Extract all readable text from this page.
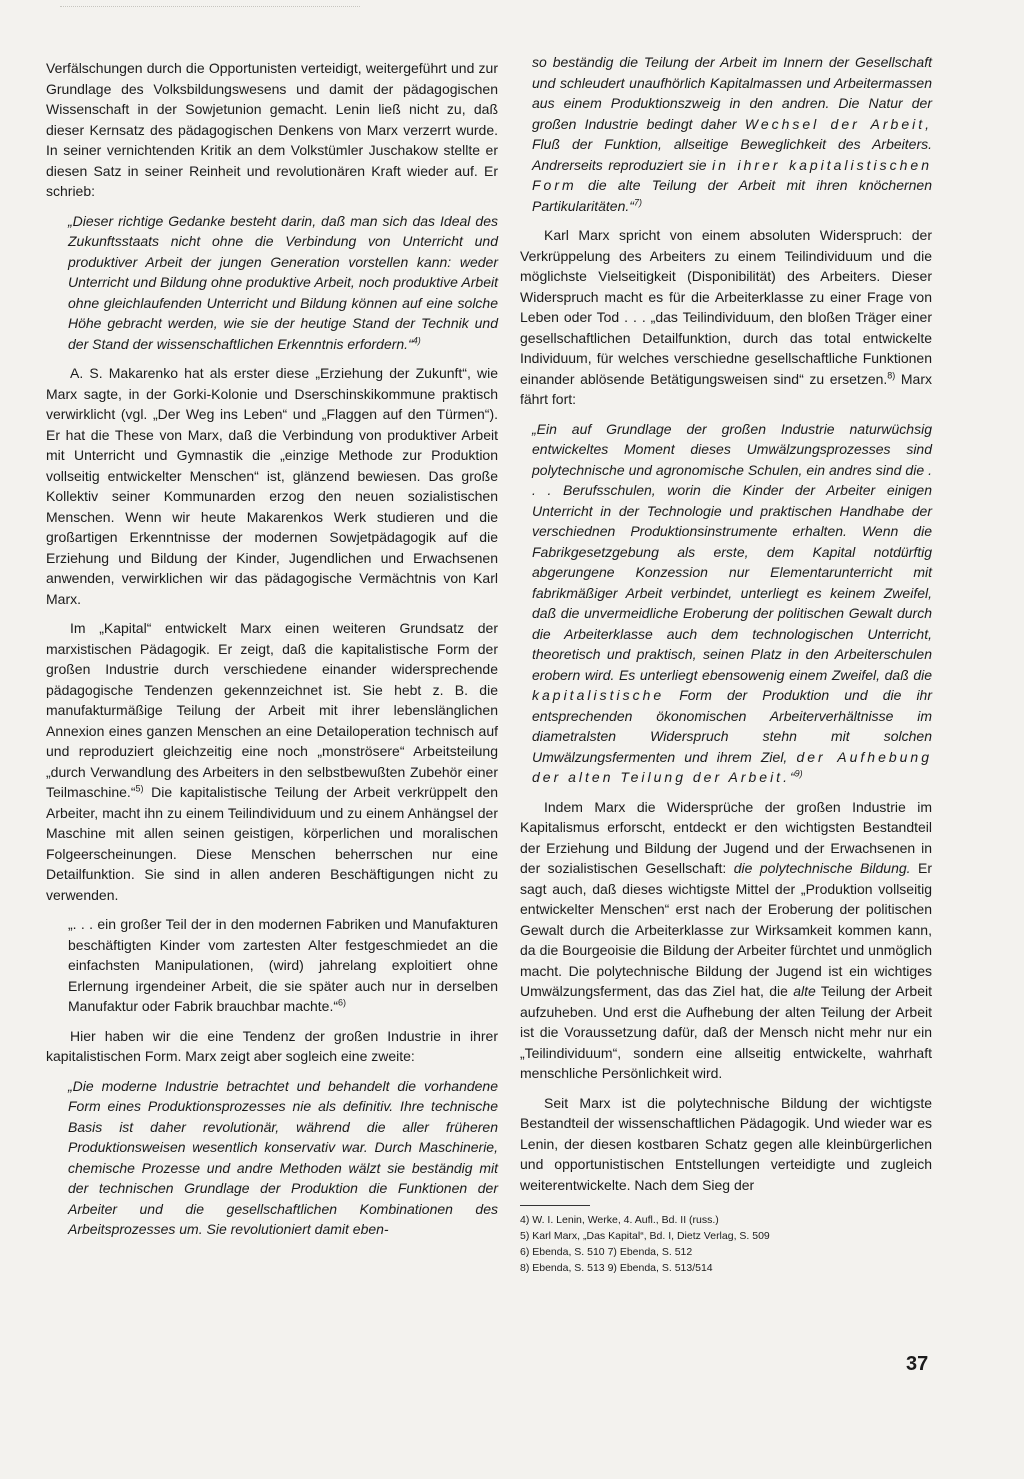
Verfälschungen durch die Opportunisten verteidigt, weitergeführt und zur Grundlage des Volksbildungswesens und damit der pädagogischen Wissenschaft in der Sowjetunion gemacht. Lenin ließ nicht zu, daß dieser Kernsatz des pädagogischen Denkens von Marx verzerrt wurde. In seiner vernichtenden Kritik an dem Volkstümler Juschakow stellte er diesen Satz in seiner Reinheit und revolutionären Kraft wieder auf. Er schrieb:

„Dieser richtige Gedanke besteht darin, daß man sich das Ideal des Zukunftsstaats nicht ohne die Verbindung von Unterricht und produktiver Arbeit der jungen Generation vorstellen kann: weder Unterricht und Bildung ohne produktive Arbeit, noch produktive Arbeit ohne gleichlaufenden Unterricht und Bildung können auf eine solche Höhe gebracht werden, wie sie der heutige Stand der Technik und der Stand der wissenschaftlichen Erkenntnis erfordern.“$^{4)}$

A. S. Makarenko hat als erster diese „Erziehung der Zukunft“, wie Marx sagte, in der Gorki-Kolonie und Dserschinskikommune praktisch verwirklicht (vgl. „Der Weg ins Leben“ und „Flaggen auf den Türmen“). Er hat die These von Marx, daß die Verbindung von produktiver Arbeit mit Unterricht und Gymnastik die „einzige Methode zur Produktion vollseitig entwickelter Menschen“ ist, glänzend bewiesen. Das große Kollektiv seiner Kommunarden erzog den neuen sozialistischen Menschen. Wenn wir heute Makarenkos Werk studieren und die großartigen Erkenntnisse der modernen Sowjetpädagogik auf die Erziehung und Bildung der Kinder, Jugendlichen und Erwachsenen anwenden, verwirklichen wir das pädagogische Vermächtnis von Karl Marx.

Im „Kapital“ entwickelt Marx einen weiteren Grundsatz der marxistischen Pädagogik. Er zeigt, daß die kapitalistische Form der großen Industrie durch verschiedene einander widersprechende pädagogische Tendenzen gekennzeichnet ist. Sie hebt z. B. die manufakturmäßige Teilung der Arbeit mit ihrer lebenslänglichen Annexion eines ganzen Menschen an eine Detailoperation technisch auf und reproduziert gleichzeitig eine noch „monströsere“ Arbeitsteilung „durch Verwandlung des Arbeiters in den selbstbewußten Zubehör einer Teilmaschine.“$^{5)}$ Die kapitalistische Teilung der Arbeit verkrüppelt den Arbeiter, macht ihn zu einem Teilindividuum und zu einem Anhängsel der Maschine mit allen seinen geistigen, körperlichen und moralischen Folgeerscheinungen. Diese Menschen beherrschen nur eine Detailfunktion. Sie sind in allen anderen Beschäftigungen nicht zu verwenden.

„. . . ein großer Teil der in den modernen Fabriken und Manufakturen beschäftigten Kinder vom zartesten Alter festgeschmiedet an die einfachsten Manipulationen, (wird) jahrelang exploitiert ohne Erlernung irgendeiner Arbeit, die sie später auch nur in derselben Manufaktur oder Fabrik brauchbar machte.“$^{6)}$

Hier haben wir die eine Tendenz der großen Industrie in ihrer kapitalistischen Form. Marx zeigt aber sogleich eine zweite:

„Die moderne Industrie betrachtet und behandelt die vorhandene Form eines Produktionsprozesses nie als definitiv. Ihre technische Basis ist daher revolutionär, während die aller früheren Produktionsweisen wesentlich konservativ war. Durch Maschinerie, chemische Prozesse und andre Methoden wälzt sie beständig mit der technischen Grundlage der Produktion die Funktionen der Arbeiter und die gesellschaftlichen Kombinationen des Arbeitsprozesses um. Sie revolutioniert damit eben-

so beständig die Teilung der Arbeit im Innern der Gesellschaft und schleudert unaufhörlich Kapitalmassen und Arbeitermassen aus einem Produktionszweig in den andren. Die Natur der großen Industrie bedingt daher Wechsel der Arbeit, Fluß der Funktion, allseitige Beweglichkeit des Arbeiters. Andrerseits reproduziert sie in ihrer kapitalistischen Form die alte Teilung der Arbeit mit ihren knöchernen Partikularitäten.“$^{7)}$

Karl Marx spricht von einem absoluten Widerspruch: der Verkrüppelung des Arbeiters zu einem Teilindividuum und die möglichste Vielseitigkeit (Disponibilität) des Arbeiters. Dieser Widerspruch macht es für die Arbeiterklasse zu einer Frage von Leben oder Tod . . . „das Teilindividuum, den bloßen Träger einer gesellschaftlichen Detailfunktion, durch das total entwickelte Individuum, für welches verschiedne gesellschaftliche Funktionen einander ablösende Betätigungsweisen sind“ zu ersetzen.$^{8)}$ Marx fährt fort:

„Ein auf Grundlage der großen Industrie naturwüchsig entwickeltes Moment dieses Umwälzungsprozesses sind polytechnische und agronomische Schulen, ein andres sind die . . . Berufsschulen, worin die Kinder der Arbeiter einigen Unterricht in der Technologie und praktischen Handhabe der verschiednen Produktionsinstrumente erhalten. Wenn die Fabrikgesetzgebung als erste, dem Kapital notdürftig abgerungene Konzession nur Elementarunterricht mit fabrikmäßiger Arbeit verbindet, unterliegt es keinem Zweifel, daß die unvermeidliche Eroberung der politischen Gewalt durch die Arbeiterklasse auch dem technologischen Unterricht, theoretisch und praktisch, seinen Platz in den Arbeiterschulen erobern wird. Es unterliegt ebensowenig einem Zweifel, daß die kapitalistische Form der Produktion und die ihr entsprechenden ökonomischen Arbeiterverhältnisse im diametralsten Widerspruch stehn mit solchen Umwälzungsfermenten und ihrem Ziel, der Aufhebung der alten Teilung der Arbeit.“$^{9)}$

Indem Marx die Widersprüche der großen Industrie im Kapitalismus erforscht, entdeckt er den wichtigsten Bestandteil der Erziehung und Bildung der Jugend und der Erwachsenen in der sozialistischen Gesellschaft: die polytechnische Bildung. Er sagt auch, daß dieses wichtigste Mittel der „Produktion vollseitig entwickelter Menschen“ erst nach der Eroberung der politischen Gewalt durch die Arbeiterklasse zur Wirksamkeit kommen kann, da die Bourgeoisie die Bildung der Arbeiter fürchtet und unmöglich macht. Die polytechnische Bildung der Jugend ist ein wichtiges Umwälzungsferment, das das Ziel hat, die alte Teilung der Arbeit aufzuheben. Und erst die Aufhebung der alten Teilung der Arbeit ist die Voraussetzung dafür, daß der Mensch nicht mehr nur ein „Teilindividuum“, sondern eine allseitig entwickelte, wahrhaft menschliche Persönlichkeit wird.

Seit Marx ist die polytechnische Bildung der wichtigste Bestandteil der wissenschaftlichen Pädagogik. Und wieder war es Lenin, der diesen kostbaren Schatz gegen alle kleinbürgerlichen und opportunistischen Entstellungen verteidigte und zugleich weiterentwickelte. Nach dem Sieg der

4) W. I. Lenin, Werke, 4. Aufl., Bd. II (russ.)

5) Karl Marx, „Das Kapital“, Bd. I, Dietz Verlag, S. 509

6) Ebenda, S. 510 7) Ebenda, S. 512

8) Ebenda, S. 513 9) Ebenda, S. 513/514

37
